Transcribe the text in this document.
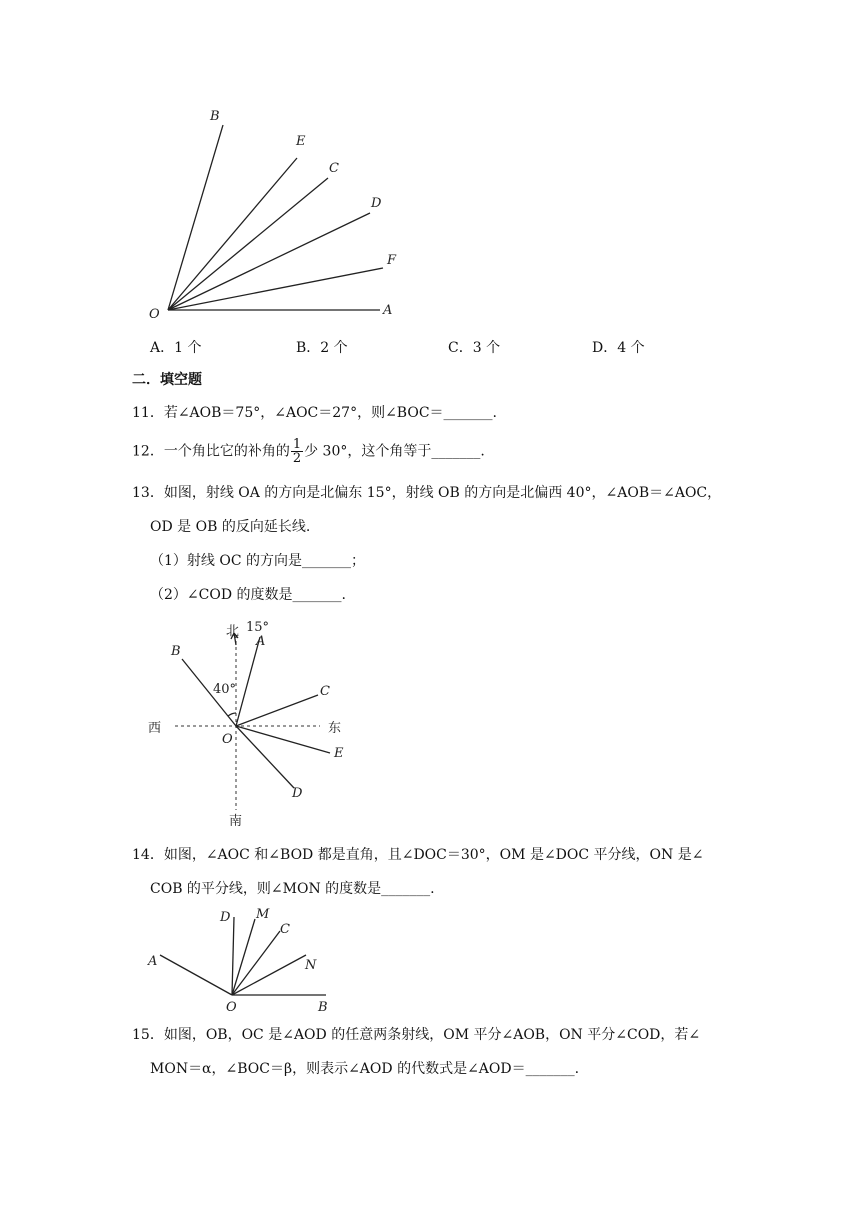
O	A
F
D
C
E
B
A．1 个	B．2 个	C．3 个	D．4 个
二．填空题
11．若∠AOB＝75°，∠AOC＝27°，则∠BOC＝_______.
12．一个角比它的补角的 $\frac{1}{2}$ 少 30°，这个角等于_______.
13．如图，射线 OA 的方向是北偏东 15°，射线 OB 的方向是北偏西 40°，∠AOB＝∠AOC，
OD 是 OB 的反向延长线.
（1）射线 OC 的方向是_______；
（2）∠COD 的度数是_______.
北
南
西	东
15°
40°
O
A
B
C
E
D
14．如图，∠AOC 和∠BOD 都是直角，且∠DOC＝30°，OM 是∠DOC 平分线，ON 是∠
COB 的平分线，则∠MON 的度数是_______.
O	B
D M
C
N
A
15．如图，OB，OC 是∠AOD 的任意两条射线，OM 平分∠AOB，ON 平分∠COD，若∠
MON＝α，∠BOC＝β，则表示∠AOD 的代数式是∠AOD＝_______.
